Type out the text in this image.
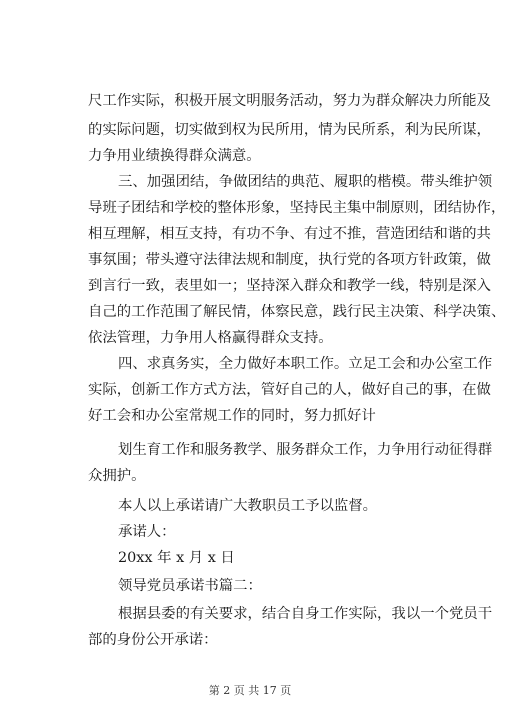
尺工作实际，积极开展文明服务活动，努力为群众解决力所能及
的实际问题，切实做到权为民所用，情为民所系，利为民所谋，
力争用业绩换得群众满意。
三、加强团结，争做团结的典范、履职的楷模。带头维护领
导班子团结和学校的整体形象，坚持民主集中制原则，团结协作，
相互理解，相互支持，有功不争、有过不推，营造团结和谐的共
事氛围；带头遵守法律法规和制度，执行党的各项方针政策，做
到言行一致，表里如一；坚持深入群众和教学一线，特别是深入
自己的工作范围了解民情，体察民意，践行民主决策、科学决策、
依法管理，力争用人格赢得群众支持。
四、求真务实，全力做好本职工作。立足工会和办公室工作
实际，创新工作方式方法，管好自己的人，做好自己的事，在做
好工会和办公室常规工作的同时，努力抓好计
划生育工作和服务教学、服务群众工作，力争用行动征得群
众拥护。
本人以上承诺请广大教职员工予以监督。
承诺人：
20xx 年 x 月 x 日
领导党员承诺书篇二：
根据县委的有关要求，结合自身工作实际，我以一个党员干
部的身份公开承诺：
第 2 页 共 17 页
